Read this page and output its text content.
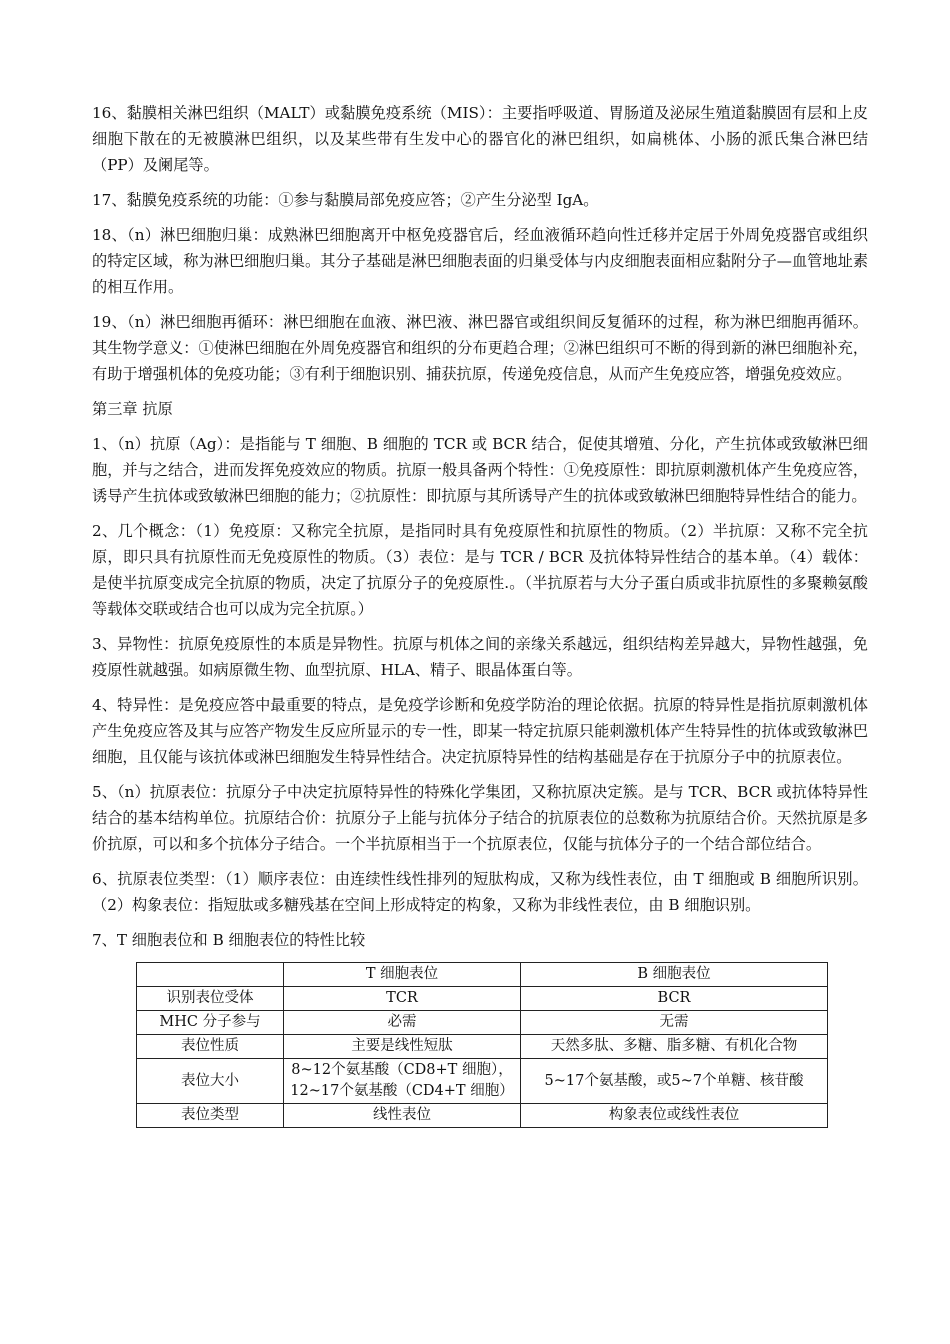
16、黏膜相关淋巴组织（MALT）或黏膜免疫系统（MIS）：主要指呼吸道、胃肠道及泌尿生殖道黏膜固有层和上皮细胞下散在的无被膜淋巴组织，以及某些带有生发中心的器官化的淋巴组织，如扁桃体、小肠的派氏集合淋巴结（PP）及阑尾等。

17、黏膜免疫系统的功能：①参与黏膜局部免疫应答；②产生分泌型 IgA。

18、（n）淋巴细胞归巢：成熟淋巴细胞离开中枢免疫器官后，经血液循环趋向性迁移并定居于外周免疫器官或组织的特定区域，称为淋巴细胞归巢。其分子基础是淋巴细胞表面的归巢受体与内皮细胞表面相应黏附分子—血管地址素的相互作用。

19、（n）淋巴细胞再循环：淋巴细胞在血液、淋巴液、淋巴器官或组织间反复循环的过程，称为淋巴细胞再循环。其生物学意义：①使淋巴细胞在外周免疫器官和组织的分布更趋合理；②淋巴组织可不断的得到新的淋巴细胞补充，有助于增强机体的免疫功能；③有利于细胞识别、捕获抗原，传递免疫信息，从而产生免疫应答，增强免疫效应。

第三章 抗原

1、（n）抗原（Ag）：是指能与 T 细胞、B 细胞的 TCR 或 BCR 结合，促使其增殖、分化，产生抗体或致敏淋巴细胞，并与之结合，进而发挥免疫效应的物质。抗原一般具备两个特性：①免疫原性：即抗原刺激机体产生免疫应答，诱导产生抗体或致敏淋巴细胞的能力；②抗原性：即抗原与其所诱导产生的抗体或致敏淋巴细胞特异性结合的能力。

2、几个概念：（1）免疫原：又称完全抗原，是指同时具有免疫原性和抗原性的物质。（2）半抗原：又称不完全抗原，即只具有抗原性而无免疫原性的物质。（3）表位：是与 TCR / BCR 及抗体特异性结合的基本单。（4）载体：是使半抗原变成完全抗原的物质，决定了抗原分子的免疫原性.。（半抗原若与大分子蛋白质或非抗原性的多聚赖氨酸等载体交联或结合也可以成为完全抗原。）

3、异物性：抗原免疫原性的本质是异物性。抗原与机体之间的亲缘关系越远，组织结构差异越大，异物性越强，免疫原性就越强。如病原微生物、血型抗原、HLA、精子、眼晶体蛋白等。

4、特异性：是免疫应答中最重要的特点，是免疫学诊断和免疫学防治的理论依据。抗原的特异性是指抗原刺激机体产生免疫应答及其与应答产物发生反应所显示的专一性，即某一特定抗原只能刺激机体产生特异性的抗体或致敏淋巴细胞，且仅能与该抗体或淋巴细胞发生特异性结合。决定抗原特异性的结构基础是存在于抗原分子中的抗原表位。

5、（n）抗原表位：抗原分子中决定抗原特异性的特殊化学集团，又称抗原决定簇。是与 TCR、BCR 或抗体特异性结合的基本结构单位。抗原结合价：抗原分子上能与抗体分子结合的抗原表位的总数称为抗原结合价。天然抗原是多价抗原，可以和多个抗体分子结合。一个半抗原相当于一个抗原表位，仅能与抗体分子的一个结合部位结合。

6、抗原表位类型：（1）顺序表位：由连续性线性排列的短肽构成，又称为线性表位，由 T 细胞或 B 细胞所识别。（2）构象表位：指短肽或多糖残基在空间上形成特定的构象，又称为非线性表位，由 B 细胞识别。

7、T 细胞表位和 B 细胞表位的特性比较

	T 细胞表位	B 细胞表位
识别表位受体	TCR	BCR
MHC 分子参与	必需	无需
表位性质	主要是线性短肽	天然多肽、多糖、脂多糖、有机化合物
表位大小	8~12个氨基酸（CD8+T 细胞），12~17个氨基酸（CD4+T 细胞）	5~17个氨基酸，或5~7个单糖、核苷酸
表位类型	线性表位	构象表位或线性表位
